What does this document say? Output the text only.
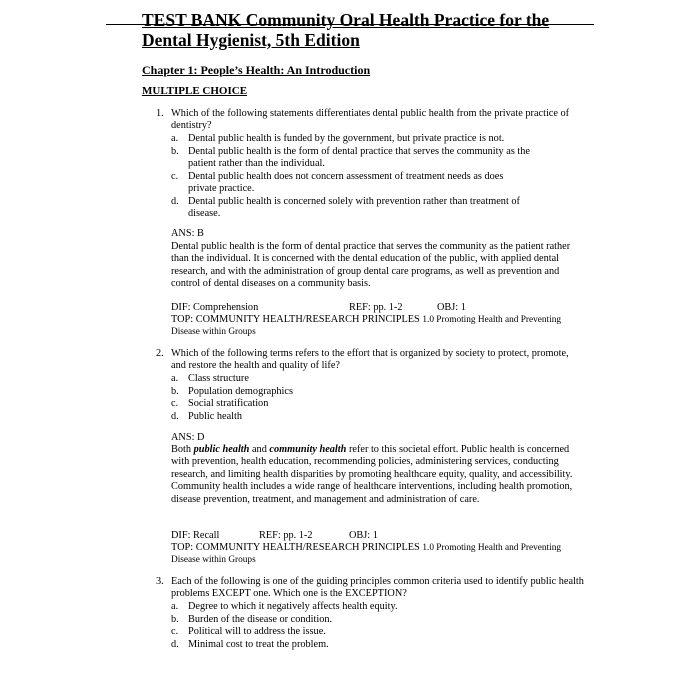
TEST BANK Community Oral Health Practice for the Dental Hygienist, 5th Edition
Chapter 1: People’s Health: An Introduction
MULTIPLE CHOICE
1. Which of the following statements differentiates dental public health from the private practice of dentistry?
a. Dental public health is funded by the government, but private practice is not.
b. Dental public health is the form of dental practice that serves the community as the patient rather than the individual.
c. Dental public health does not concern assessment of treatment needs as does private practice.
d. Dental public health is concerned solely with prevention rather than treatment of disease.
ANS: B
Dental public health is the form of dental practice that serves the community as the patient rather than the individual. It is concerned with the dental education of the public, with applied dental research, and with the administration of group dental care programs, as well as prevention and control of dental diseases on a community basis.
DIF: Comprehension	REF: pp. 1-2	OBJ: 1
TOP: COMMUNITY HEALTH/RESEARCH PRINCIPLES 1.0 Promoting Health and Preventing
Disease within Groups
2. Which of the following terms refers to the effort that is organized by society to protect, promote, and restore the health and quality of life?
a. Class structure
b. Population demographics
c. Social stratification
d. Public health
ANS: D
Both public health and community health refer to this societal effort. Public health is concerned with prevention, health education, recommending policies, administering services, conducting research, and limiting health disparities by promoting healthcare equity, quality, and accessibility. Community health includes a wide range of healthcare interventions, including health promotion, disease prevention, treatment, and management and administration of care.
DIF: Recall	REF: pp. 1-2	OBJ: 1
TOP: COMMUNITY HEALTH/RESEARCH PRINCIPLES 1.0 Promoting Health and Preventing
Disease within Groups
3. Each of the following is one of the guiding principles common criteria used to identify public health problems EXCEPT one. Which one is the EXCEPTION?
a. Degree to which it negatively affects health equity.
b. Burden of the disease or condition.
c. Political will to address the issue.
d. Minimal cost to treat the problem.
